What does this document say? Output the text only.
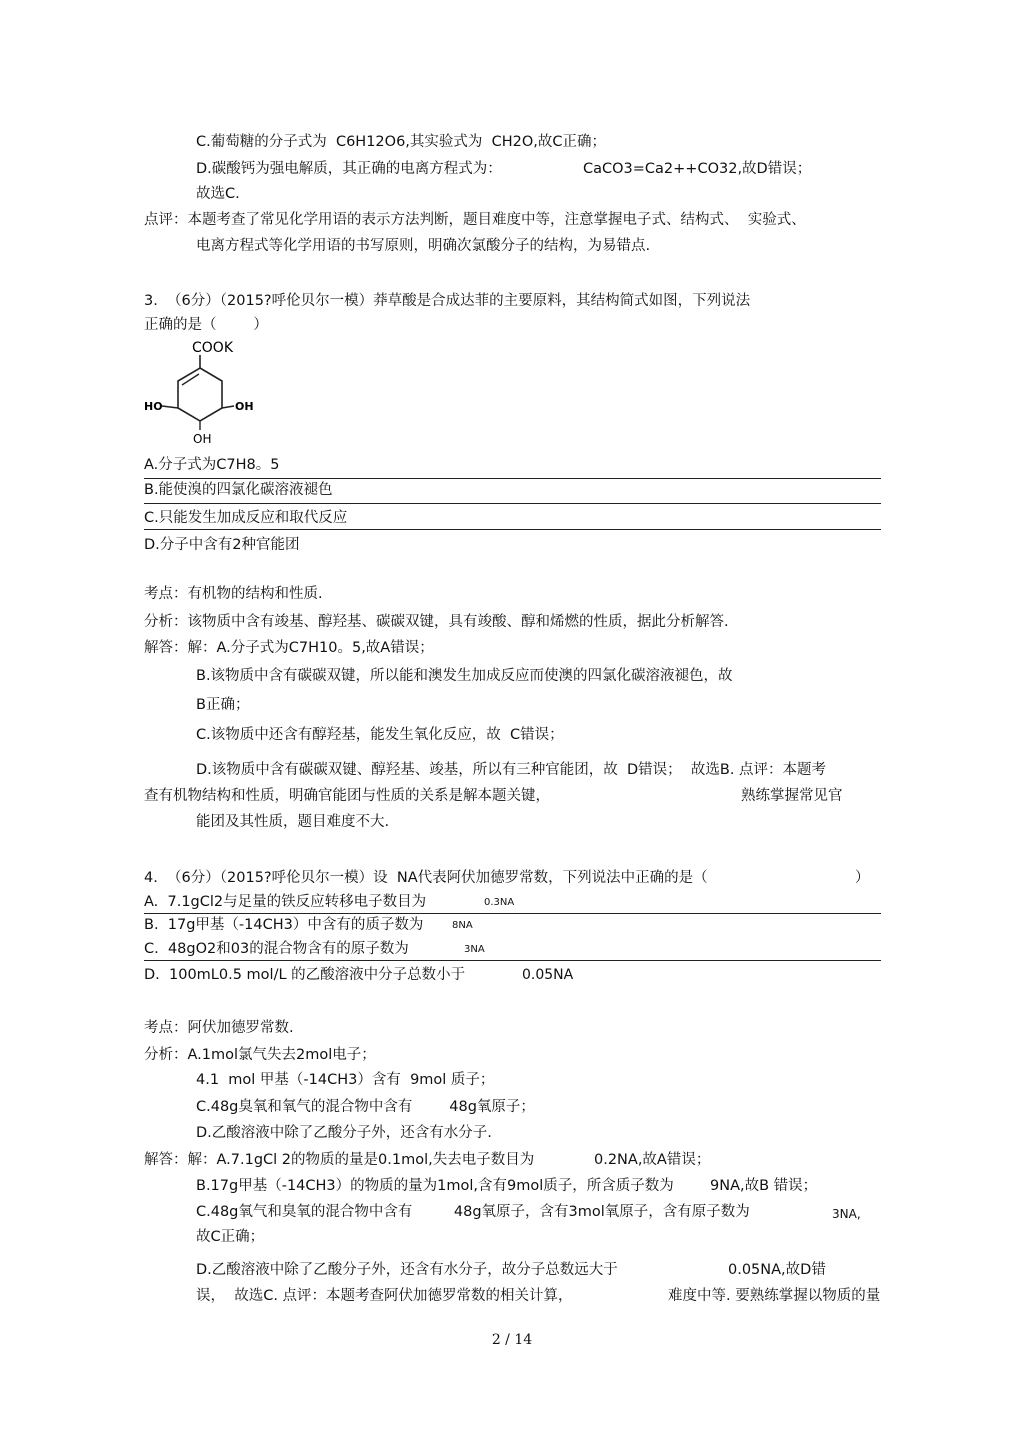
C.葡萄糖的分子式为  C6H12O6,其实验式为  CH2O,故C正确；
D.碳酸钙为强电解质，其正确的电离方程式为：	CaCO3=Ca2++CO32,故D错误；
故选C.
点评：本题考查了常见化学用语的表示方法判断，题目难度中等，注意掌握电子式、结构式、  实验式、
电离方程式等化学用语的书写原则，明确次氯酸分子的结构，为易错点.
3.  （6分）（2015?呼伦贝尔一模）莽草酸是合成达菲的主要原料，其结构简式如图，下列说法
正确的是（        ）
COOK
HO	OH
OH
A.分子式为C7H8。5
B.能使溴的四氯化碳溶液褪色
C.只能发生加成反应和取代反应
D.分子中含有2种官能团
考点：有机物的结构和性质.
分析：该物质中含有竣基、醇羟基、碳碳双键，具有竣酸、醇和烯燃的性质，据此分析解答.
解答：解：A.分子式为C7H10。5,故A错误；
B.该物质中含有碳碳双键，所以能和澳发生加成反应而使澳的四氯化碳溶液褪色，故
B正确；
C.该物质中还含有醇羟基，能发生氧化反应，故  C错误；
D.该物质中含有碳碳双键、醇羟基、竣基，所以有三种官能团，故  D错误；  故选B. 点评：本题考
查有机物结构和性质，明确官能团与性质的关系是解本题关键，	熟练掌握常见官
能团及其性质，题目难度不大.
4.  （6分）（2015?呼伦贝尔一模）设  NA代表阿伏加德罗常数，下列说法中正确的是（	）
A.  7.1gCl2与足量的铁反应转移电子数目为	0.3NA
B.  17g甲基（-14CH3）中含有的质子数为	8NA
C.  48gO2和03的混合物含有的原子数为	3NA
D.  100mL0.5 mol/L 的乙酸溶液中分子总数小于	0.05NA
考点：阿伏加德罗常数.
分析：A.1mol氯气失去2mol电子；
4.1  mol 甲基（-14CH3）含有  9mol 质子；
C.48g臭氧和氧气的混合物中含有        48g氧原子；
D.乙酸溶液中除了乙酸分子外，还含有水分子.
解答：解：A.7.1gCl 2的物质的量是0.1mol,失去电子数目为	0.2NA,故A错误；
B.17g甲基（-14CH3）的物质的量为1mol,含有9mol质子，所含质子数为 9NA,故B 错误；
C.48g氧气和臭氧的混合物中含有         48g氧原子，含有3mol氧原子，含有原子数为	3NA,
故C正确；
D.乙酸溶液中除了乙酸分子外，还含有水分子，故分子总数远大于	0.05NA,故D错
误，  故选C. 点评：本题考查阿伏加德罗常数的相关计算，	难度中等. 要熟练掌握以物质的量
2 / 14
